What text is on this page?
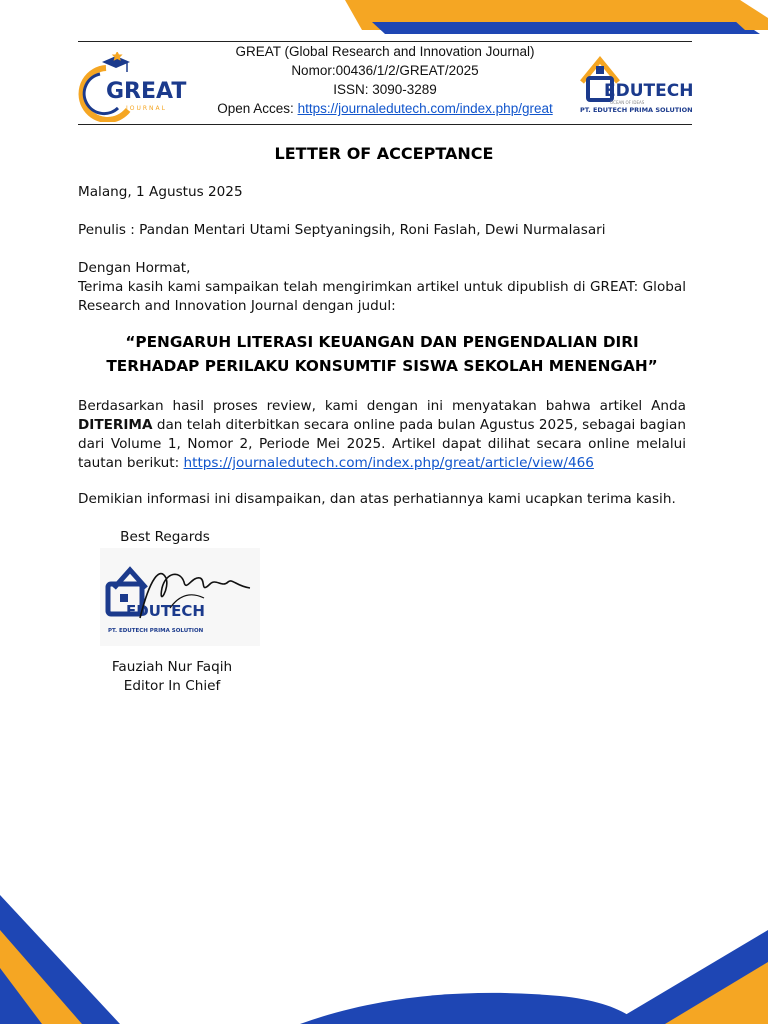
GREAT
JOURNAL
GREAT (Global Research and Innovation Journal)
Nomor:00436/1/2/GREAT/2025
ISSN: 3090-3289
Open Acces: https://journaledutech.com/index.php/great
EDUTECH
OCEAN OF IDEAS
PT. EDUTECH PRIMA SOLUTION
LETTER OF ACCEPTANCE
Malang, 1 Agustus 2025
Penulis : Pandan Mentari Utami Septyaningsih, Roni Faslah, Dewi Nurmalasari
Dengan Hormat,
Terima kasih kami sampaikan telah mengirimkan artikel untuk dipublish di GREAT: Global Research and Innovation Journal dengan judul:
“PENGARUH LITERASI KEUANGAN DAN PENGENDALIAN DIRI TERHADAP PERILAKU KONSUMTIF SISWA SEKOLAH MENENGAH”
Berdasarkan hasil proses review, kami dengan ini menyatakan bahwa artikel Anda DITERIMA dan telah diterbitkan secara online pada bulan Agustus 2025, sebagai bagian dari Volume 1, Nomor 2, Periode Mei 2025. Artikel dapat dilihat secara online melalui tautan berikut: https://journaledutech.com/index.php/great/article/view/466
Demikian informasi ini disampaikan, dan atas perhatiannya kami ucapkan terima kasih.
Best Regards
EDUTECH
PT. EDUTECH PRIMA SOLUTION
Fauziah Nur Faqih
Editor In Chief
